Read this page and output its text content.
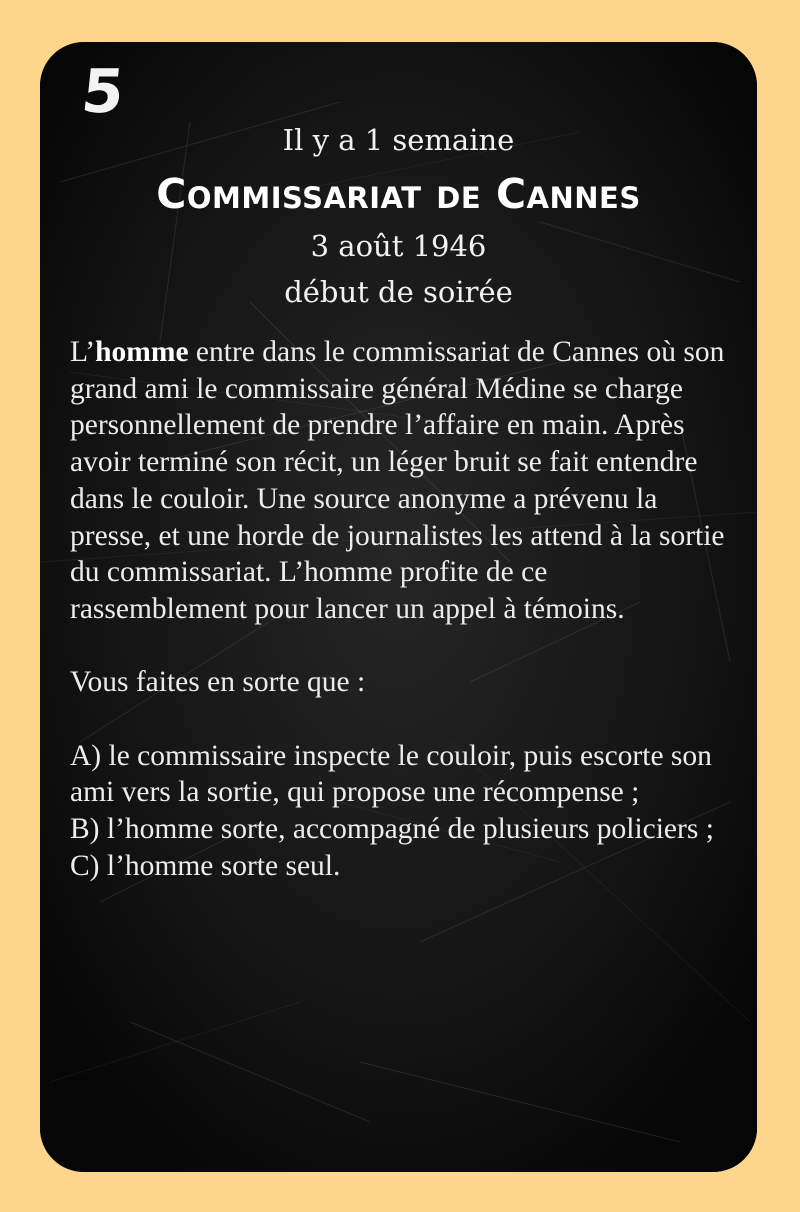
5
Il y a 1 semaine
Commissariat de Cannes
3 août 1946
début de soirée

L’homme entre dans le commissariat de Cannes où son grand ami le commissaire général Médine se charge personnellement de prendre l’affaire en main. Après avoir terminé son récit, un léger bruit se fait entendre dans le couloir. Une source anonyme a prévenu la presse, et une horde de journalistes les attend à la sortie du commissariat. L’homme profite de ce rassemblement pour lancer un appel à témoins.

Vous faites en sorte que :

A) le commissaire inspecte le couloir, puis escorte son ami vers la sortie, qui propose une récompense ;

B) l’homme sorte, accompagné de plusieurs policiers ;

C) l’homme sorte seul.
